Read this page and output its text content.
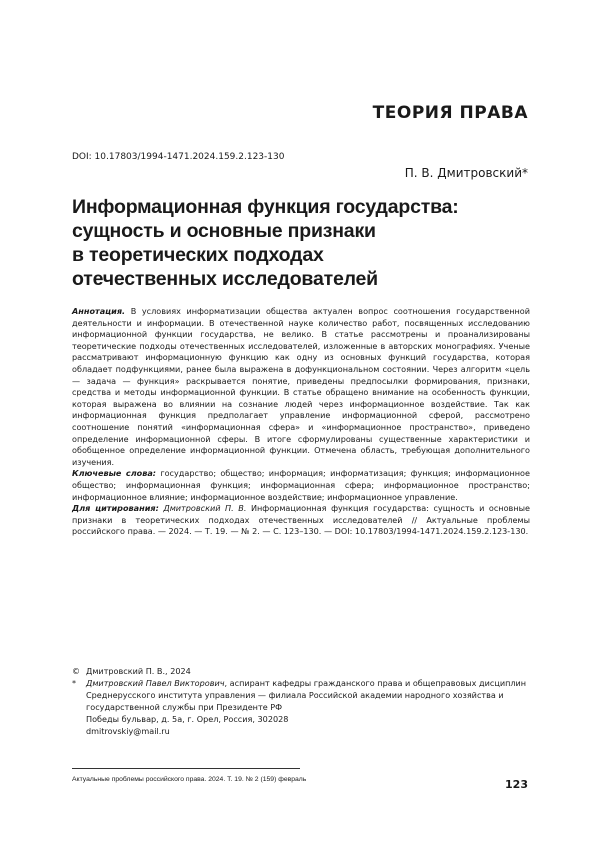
ТЕОРИЯ ПРАВА
DOI: 10.17803/1994-1471.2024.159.2.123-130
П. В. Дмитровский*
Информационная функция государства:
сущность и основные признаки
в теоретических подходах
отечественных исследователей

Аннотация. В условиях информатизации общества актуален вопрос соотношения государственной деятельности и информации. В отечественной науке количество работ, посвященных исследованию информационной функции государства, не велико. В статье рассмотрены и проанализированы теоретические подходы отечественных исследователей, изложенные в авторских монографиях. Ученые рассматривают информационную функцию как одну из основных функций государства, которая обладает подфункциями, ранее была выражена в дофункциональном состоянии. Через алгоритм «цель — задача — функция» раскрывается понятие, приведены предпосылки формирования, признаки, средства и методы информационной функции. В статье обращено внимание на особенность функции, которая выражена во влиянии на сознание людей через информационное воздействие. Так как информационная функция предполагает управление информационной сферой, рассмотрено соотношение понятий «информационная сфера» и «информационное пространство», приведено определение информационной сферы. В итоге сформулированы существенные характеристики и обобщенное определение информационной функции. Отмечена область, требующая дополнительного изучения.

Ключевые слова: государство; общество; информация; информатизация; функция; информационное общество; информационная функция; информационная сфера; информационное пространство; информационное влияние; информационное воздействие; информационное управление.

Для цитирования: Дмитровский П. В. Информационная функция государства: сущность и основные признаки в теоретических подходах отечественных исследователей // Актуальные проблемы российского права. — 2024. — Т. 19. — № 2. — С. 123–130. — DOI: 10.17803/1994-1471.2024.159.2.123-130.

© Дмитровский П. В., 2024
*	Дмитровский Павел Викторович, аспирант кафедры гражданского права и общеправовых дисциплин Среднерусского института управления — филиала Российской академии народного хозяйства и государственной службы при Президенте РФ
Победы бульвар, д. 5а, г. Орел, Россия, 302028
dmitrovskiy@mail.ru
Актуальные проблемы российского права. 2024. Т. 19. № 2 (159) февраль	123
